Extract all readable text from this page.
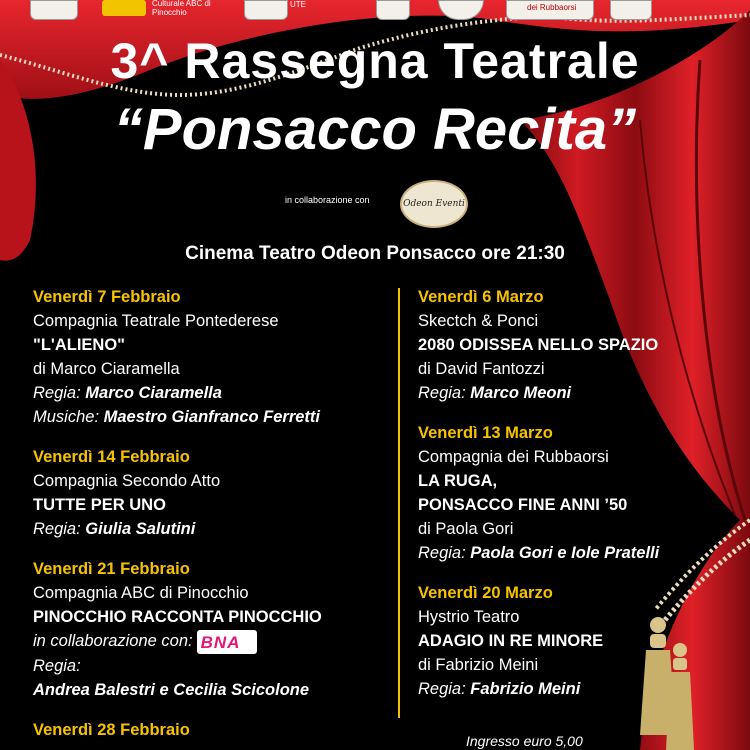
Culturale ABC di Pinocchio
UTE	dei Rubbaorsi
3^ Rassegna Teatrale
“Ponsacco Recita”
in collaborazione con	Odeon Eventi
Cinema Teatro Odeon Ponsacco ore 21:30
Venerdì 7 Febbraio
Compagnia Teatrale Pontederese
"L'ALIENO"
di Marco Ciaramella
Regia: Marco Ciaramella
Musiche: Maestro Gianfranco Ferretti
Venerdì 14 Febbraio
Compagnia Secondo Atto
TUTTE PER UNO
Regia: Giulia Salutini
Venerdì 21 Febbraio
Compagnia ABC di Pinocchio
PINOCCHIO RACCONTA PINOCCHIO
in collaborazione con: BNA
Regia:
Andrea Balestri e Cecilia Scicolone
Venerdì 28 Febbraio
Venerdì 6 Marzo
Skectch & Ponci
2080 ODISSEA NELLO SPAZIO
di David Fantozzi
Regia: Marco Meoni
Venerdì 13 Marzo
Compagnia dei Rubbaorsi
LA RUGA,
PONSACCO FINE ANNI ’50
di Paola Gori
Regia: Paola Gori e Iole Pratelli
Venerdì 20 Marzo
Hystrio Teatro
ADAGIO IN RE MINORE
di Fabrizio Meini
Regia: Fabrizio Meini
Ingresso euro 5,00
